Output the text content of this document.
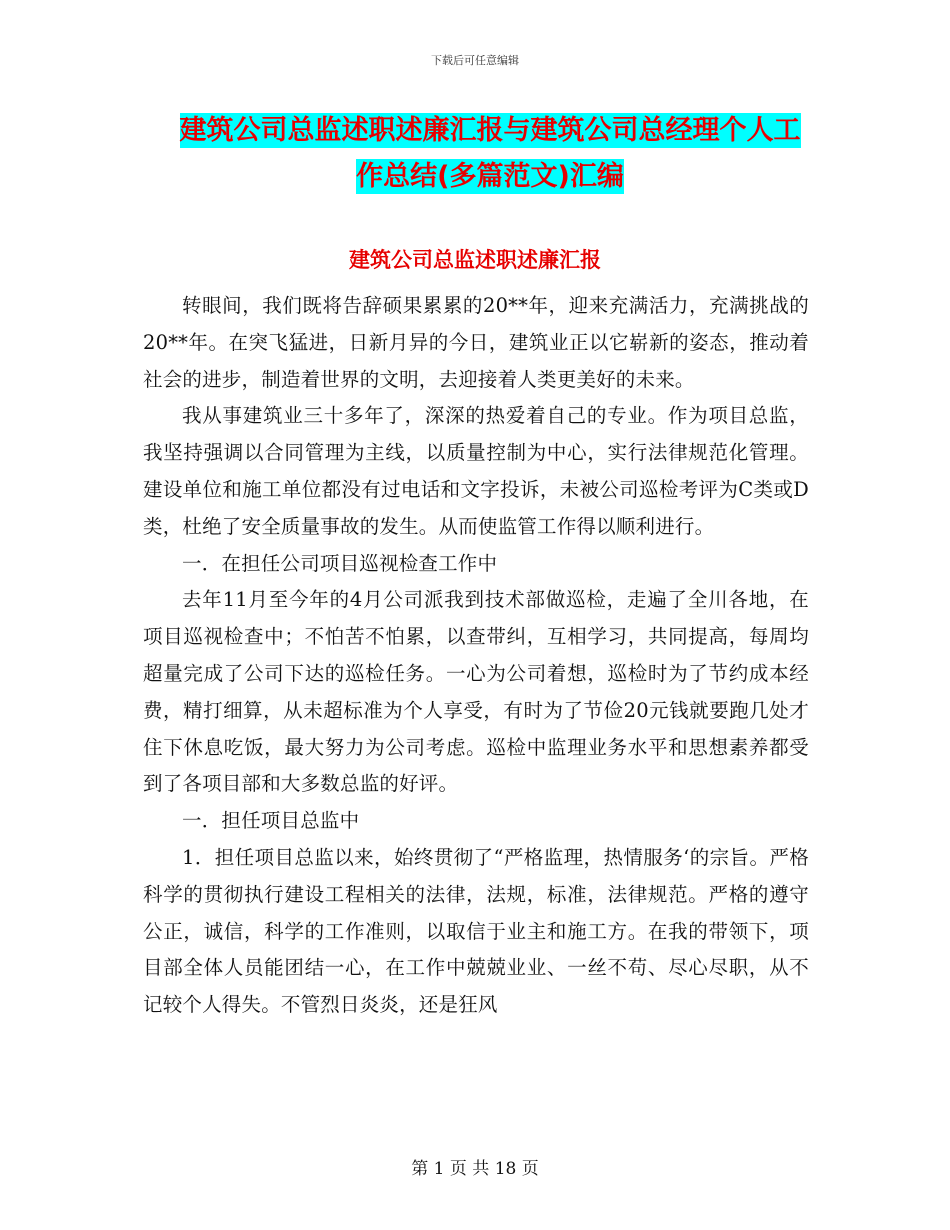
下载后可任意编辑
建筑公司总监述职述廉汇报与建筑公司总经理个人工
作总结(多篇范文)汇编
建筑公司总监述职述廉汇报

转眼间，我们既将告辞硕果累累的20**年，迎来充满活力，充满挑战的20**年。在突飞猛进，日新月异的今日，建筑业正以它崭新的姿态，推动着社会的进步，制造着世界的文明，去迎接着人类更美好的未来。

我从事建筑业三十多年了，深深的热爱着自己的专业。作为项目总监，我坚持强调以合同管理为主线，以质量控制为中心，实行法律规范化管理。建设单位和施工单位都没有过电话和文字投诉，未被公司巡检考评为C类或D类，杜绝了安全质量事故的发生。从而使监管工作得以顺利进行。

一．在担任公司项目巡视检查工作中

去年11月至今年的4月公司派我到技术部做巡检，走遍了全川各地，在项目巡视检查中；不怕苦不怕累，以查带纠，互相学习，共同提高，每周均超量完成了公司下达的巡检任务。一心为公司着想，巡检时为了节约成本经费，精打细算，从未超标准为个人享受，有时为了节俭20元钱就要跑几处才住下休息吃饭，最大努力为公司考虑。巡检中监理业务水平和思想素养都受到了各项目部和大多数总监的好评。

一．担任项目总监中

1．担任项目总监以来，始终贯彻了“严格监理，热情服务‘的宗旨。严格科学的贯彻执行建设工程相关的法律，法规，标准，法律规范。严格的遵守公正，诚信，科学的工作准则，以取信于业主和施工方。在我的带领下，项目部全体人员能团结一心，在工作中兢兢业业、一丝不苟、尽心尽职，从不记较个人得失。不管烈日炎炎，还是狂风

第 1 页 共 18 页
